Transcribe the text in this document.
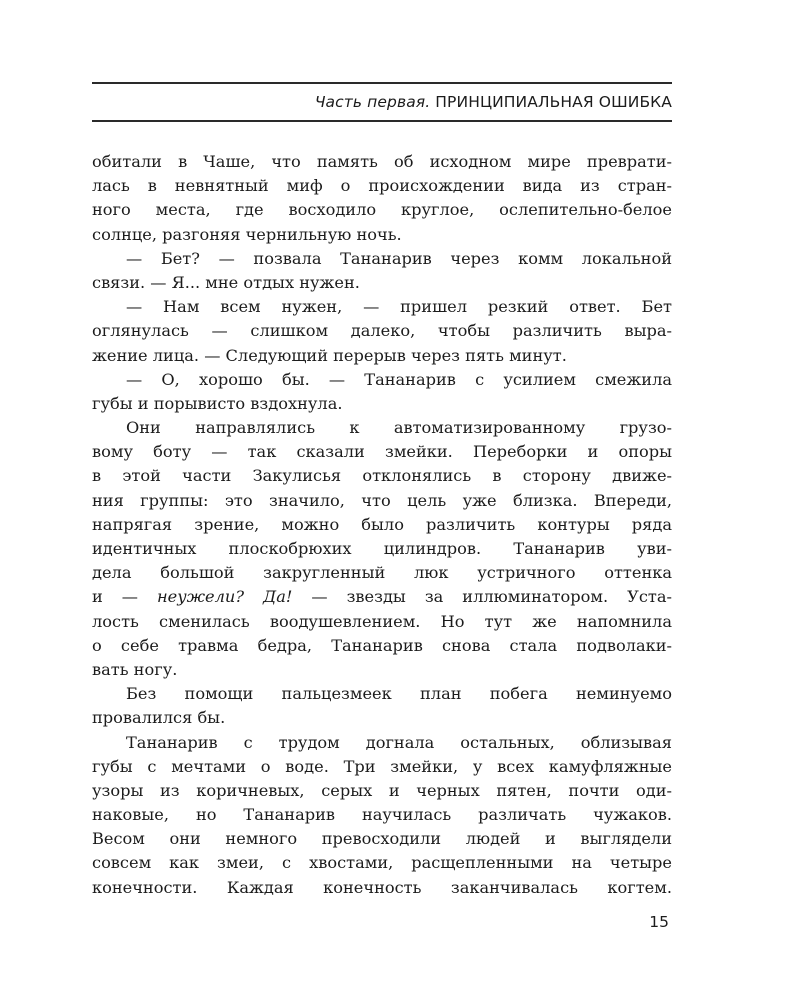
Часть первая. ПРИНЦИПИАЛЬНАЯ ОШИБКА
обитали в Чаше, что память об исходном мире преврати-
лась в невнятный миф о происхождении вида из стран-
ного места, где восходило круглое, ослепительно-белое
солнце, разгоняя чернильную ночь.
— Бет? — позвала Тананарив через комм локальной
связи. — Я... мне отдых нужен.
— Нам всем нужен, — пришел резкий ответ. Бет
оглянулась — слишком далеко, чтобы различить выра-
жение лица. — Следующий перерыв через пять минут.
— О, хорошо бы. — Тананарив с усилием смежила
губы и порывисто вздохнула.
Они направлялись к автоматизированному грузо-
вому боту — так сказали змейки. Переборки и опоры
в этой части Закулисья отклонялись в сторону движе-
ния группы: это значило, что цель уже близка. Впереди,
напрягая зрение, можно было различить контуры ряда
идентичных плоскобрюхих цилиндров. Тананарив уви-
дела большой закругленный люк устричного оттенка
и — неужели? Да! — звезды за иллюминатором. Уста-
лость сменилась воодушевлением. Но тут же напомнила
о себе травма бедра, Тананарив снова стала подволаки-
вать ногу.
Без помощи пальцезмеек план побега неминуемо
провалился бы.
Тананарив с трудом догнала остальных, облизывая
губы с мечтами о воде. Три змейки, у всех камуфляжные
узоры из коричневых, серых и черных пятен, почти оди-
наковые, но Тананарив научилась различать чужаков.
Весом они немного превосходили людей и выглядели
совсем как змеи, с хвостами, расщепленными на четыре
конечности. Каждая конечность заканчивалась когтем.
15
